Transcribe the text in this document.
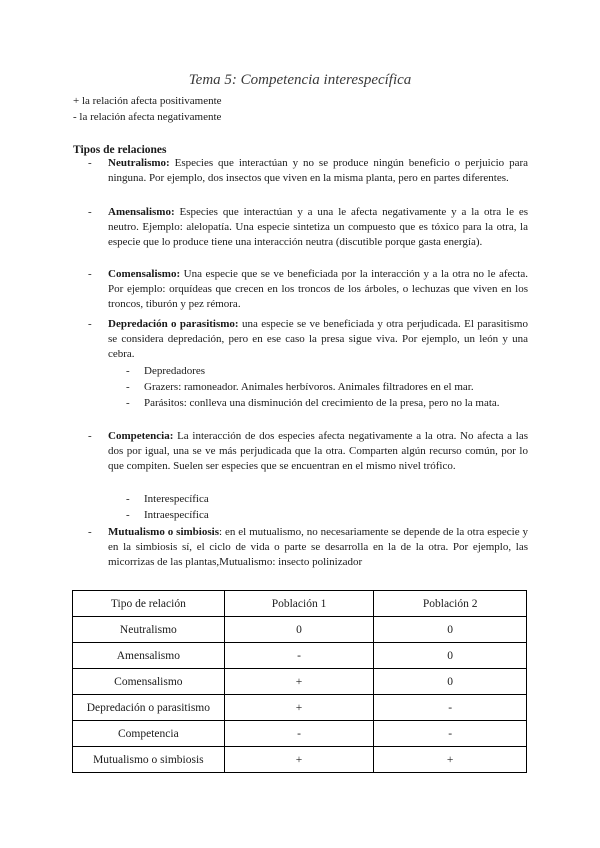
Tema 5: Competencia interespecífica
+ la relación afecta positivamente
- la relación afecta negativamente
Tipos de relaciones
- Neutralismo: Especies que interactúan y no se produce ningún beneficio o perjuicio para ninguna. Por ejemplo, dos insectos que viven en la misma planta, pero en partes diferentes.
- Amensalismo: Especies que interactúan y a una le afecta negativamente y a la otra le es neutro. Ejemplo: alelopatía. Una especie sintetiza un compuesto que es tóxico para la otra, la especie que lo produce tiene una interacción neutra (discutible porque gasta energía).
- Comensalismo: Una especie que se ve beneficiada por la interacción y a la otra no le afecta. Por ejemplo: orquídeas que crecen en los troncos de los árboles, o lechuzas que viven en los troncos, tiburón y pez rémora.
- Depredación o parasitismo: una especie se ve beneficiada y otra perjudicada. El parasitismo se considera depredación, pero en ese caso la presa sigue viva. Por ejemplo, un león y una cebra.
- Depredadores
- Grazers: ramoneador. Animales herbívoros. Animales filtradores en el mar.
- Parásitos: conlleva una disminución del crecimiento de la presa, pero no la mata.
- Competencia: La interacción de dos especies afecta negativamente a la otra. No afecta a las dos por igual, una se ve más perjudicada que la otra. Comparten algún recurso común, por lo que compiten. Suelen ser especies que se encuentran en el mismo nivel trófico.
- Interespecífica
- Intraespecífica
- Mutualismo o simbiosis: en el mutualismo, no necesariamente se depende de la otra especie y en la simbiosis sí, el ciclo de vida o parte se desarrolla en la de la otra. Por ejemplo, las micorrizas de las plantas,Mutualismo: insecto polinizador
Tipo de relación	Población 1	Población 2
Neutralismo	0	0
Amensalismo	-	0
Comensalismo	+	0
Depredación o parasitismo	+	-
Competencia	-	-
Mutualismo o simbiosis	+	+
